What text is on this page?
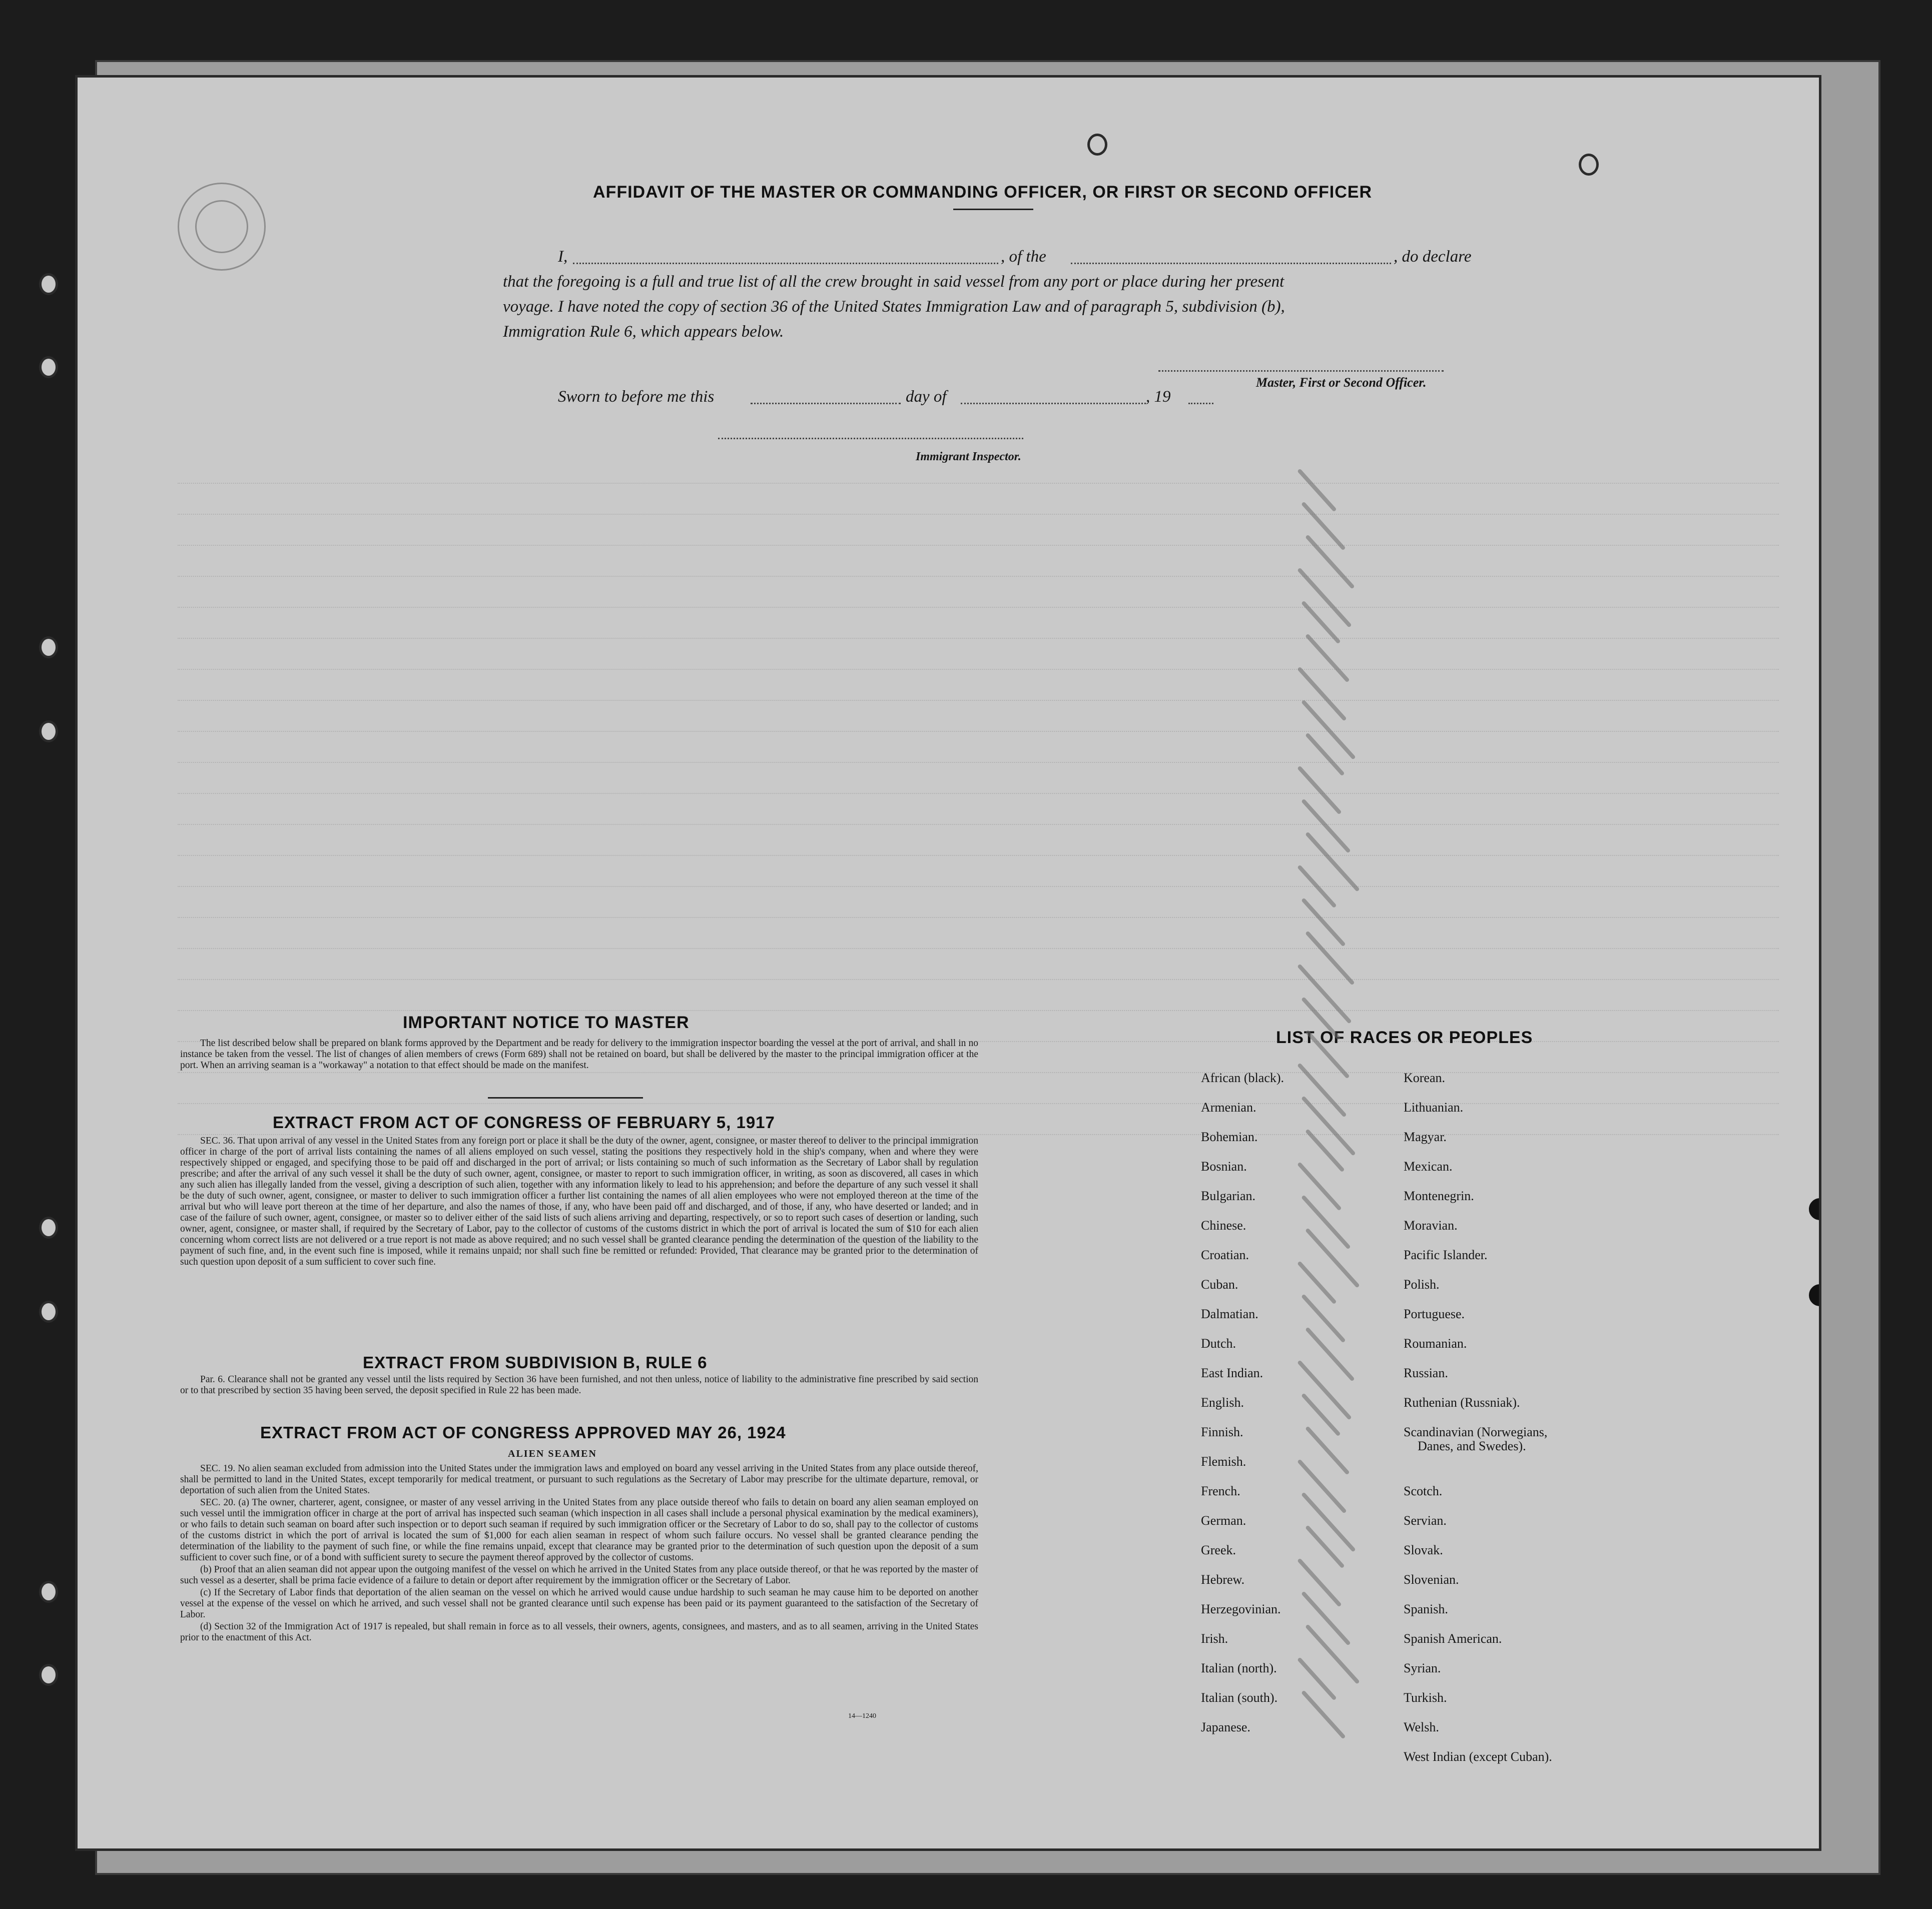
AFFIDAVIT OF THE MASTER OR COMMANDING OFFICER, OR FIRST OR SECOND OFFICER
I,	, of the	, do declare
that the foregoing is a full and true list of all the crew brought in said vessel from any port or place during her present
voyage. I have noted the copy of section 36 of the United States Immigration Law and of paragraph 5, subdivision (b),
Immigration Rule 6, which appears below.
Master, First or Second Officer.
Sworn to before me this	day of	, 19
Immigrant Inspector.
IMPORTANT NOTICE TO MASTER

The list described below shall be prepared on blank forms approved by the Department and be ready for delivery to the immigration inspector boarding the vessel at the port of arrival, and shall in no instance be taken from the vessel. The list of changes of alien members of crews (Form 689) shall not be retained on board, but shall be delivered by the master to the principal immigration officer at the port. When an arriving seaman is a "workaway" a notation to that effect should be made on the manifest.

EXTRACT FROM ACT OF CONGRESS OF FEBRUARY 5, 1917

SEC. 36. That upon arrival of any vessel in the United States from any foreign port or place it shall be the duty of the owner, agent, consignee, or master thereof to deliver to the principal immigration officer in charge of the port of arrival lists containing the names of all aliens employed on such vessel, stating the positions they respectively hold in the ship's company, when and where they were respectively shipped or engaged, and specifying those to be paid off and discharged in the port of arrival; or lists containing so much of such information as the Secretary of Labor shall by regulation prescribe; and after the arrival of any such vessel it shall be the duty of such owner, agent, consignee, or master to report to such immigration officer, in writing, as soon as discovered, all cases in which any such alien has illegally landed from the vessel, giving a description of such alien, together with any information likely to lead to his apprehension; and before the departure of any such vessel it shall be the duty of such owner, agent, consignee, or master to deliver to such immigration officer a further list containing the names of all alien employees who were not employed thereon at the time of the arrival but who will leave port thereon at the time of her departure, and also the names of those, if any, who have been paid off and discharged, and of those, if any, who have deserted or landed; and in case of the failure of such owner, agent, consignee, or master so to deliver either of the said lists of such aliens arriving and departing, respectively, or so to report such cases of desertion or landing, such owner, agent, consignee, or master shall, if required by the Secretary of Labor, pay to the collector of customs of the customs district in which the port of arrival is located the sum of $10 for each alien concerning whom correct lists are not delivered or a true report is not made as above required; and no such vessel shall be granted clearance pending the determination of the question of the liability to the payment of such fine, and, in the event such fine is imposed, while it remains unpaid; nor shall such fine be remitted or refunded: Provided, That clearance may be granted prior to the determination of such question upon deposit of a sum sufficient to cover such fine.

EXTRACT FROM SUBDIVISION B, RULE 6

Par. 6. Clearance shall not be granted any vessel until the lists required by Section 36 have been furnished, and not then unless, notice of liability to the administrative fine prescribed by said section or to that prescribed by section 35 having been served, the deposit specified in Rule 22 has been made.

EXTRACT FROM ACT OF CONGRESS APPROVED MAY 26, 1924
ALIEN SEAMEN

SEC. 19. No alien seaman excluded from admission into the United States under the immigration laws and employed on board any vessel arriving in the United States from any place outside thereof, shall be permitted to land in the United States, except temporarily for medical treatment, or pursuant to such regulations as the Secretary of Labor may prescribe for the ultimate departure, removal, or deportation of such alien from the United States.

SEC. 20. (a) The owner, charterer, agent, consignee, or master of any vessel arriving in the United States from any place outside thereof who fails to detain on board any alien seaman employed on such vessel until the immigration officer in charge at the port of arrival has inspected such seaman (which inspection in all cases shall include a personal physical examination by the medical examiners), or who fails to detain such seaman on board after such inspection or to deport such seaman if required by such immigration officer or the Secretary of Labor to do so, shall pay to the collector of customs of the customs district in which the port of arrival is located the sum of $1,000 for each alien seaman in respect of whom such failure occurs. No vessel shall be granted clearance pending the determination of the liability to the payment of such fine, or while the fine remains unpaid, except that clearance may be granted prior to the determination of such question upon the deposit of a sum sufficient to cover such fine, or of a bond with sufficient surety to secure the payment thereof approved by the collector of customs.

(b) Proof that an alien seaman did not appear upon the outgoing manifest of the vessel on which he arrived in the United States from any place outside thereof, or that he was reported by the master of such vessel as a deserter, shall be prima facie evidence of a failure to detain or deport after requirement by the immigration officer or the Secretary of Labor.

(c) If the Secretary of Labor finds that deportation of the alien seaman on the vessel on which he arrived would cause undue hardship to such seaman he may cause him to be deported on another vessel at the expense of the vessel on which he arrived, and such vessel shall not be granted clearance until such expense has been paid or its payment guaranteed to the satisfaction of the Secretary of Labor.

(d) Section 32 of the Immigration Act of 1917 is repealed, but shall remain in force as to all vessels, their owners, agents, consignees, and masters, and as to all seamen, arriving in the United States prior to the enactment of this Act.

14—1240
LIST OF RACES OR PEOPLES
African (black).
Armenian.
Bohemian.
Bosnian.
Bulgarian.
Chinese.
Croatian.
Cuban.
Dalmatian.
Dutch.
East Indian.
English.
Finnish.
Flemish.
French.
German.
Greek.
Hebrew.
Herzegovinian.
Irish.
Italian (north).
Italian (south).
Japanese.
Korean.
Lithuanian.
Magyar.
Mexican.
Montenegrin.
Moravian.
Pacific Islander.
Polish.
Portuguese.
Roumanian.
Russian.
Ruthenian (Russniak).
Scandinavian (Norwegians,
Danes, and Swedes).
Scotch.
Servian.
Slovak.
Slovenian.
Spanish.
Spanish American.
Syrian.
Turkish.
Welsh.
West Indian (except Cuban).
